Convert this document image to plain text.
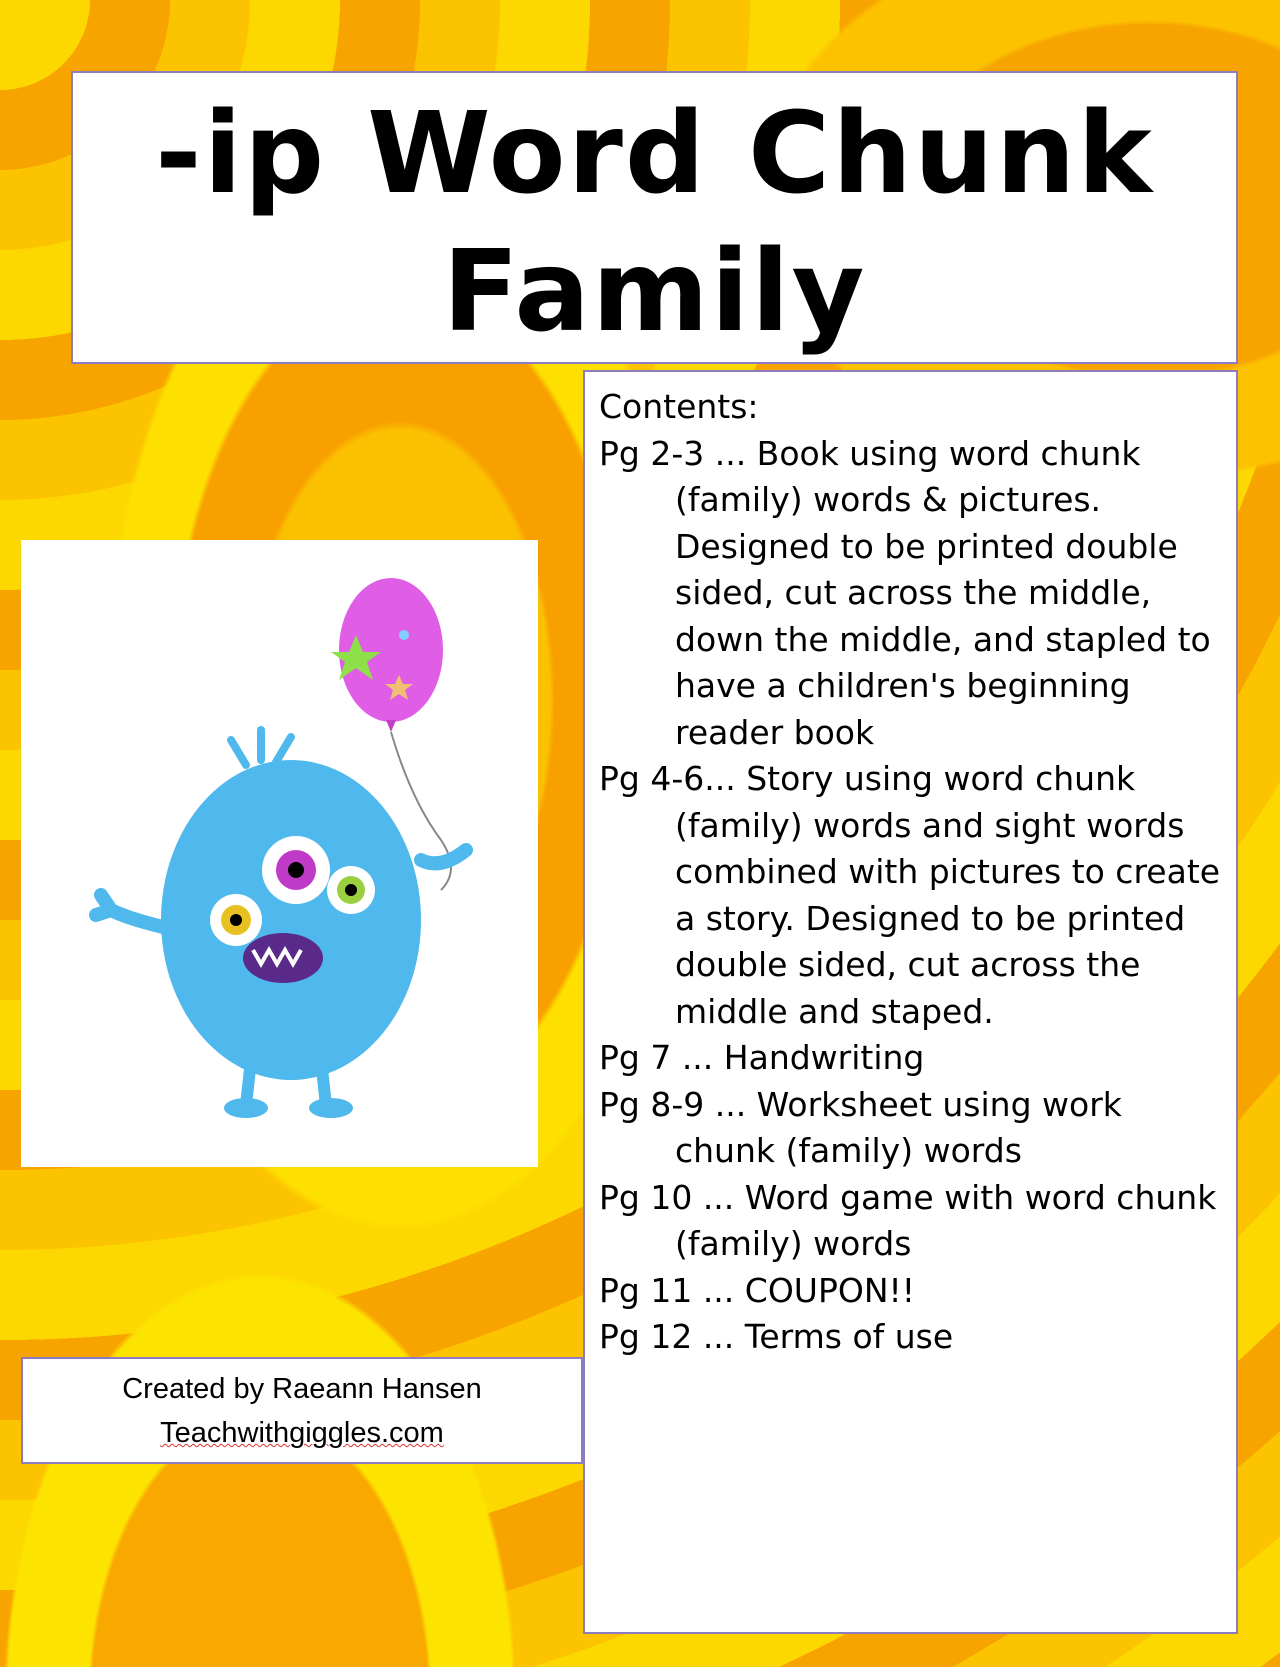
-ip Word Chunk
Family
Contents:
Pg 2-3 ... Book using word chunk (family) words & pictures. Designed to be printed double sided, cut across the middle, down the middle, and stapled to have a children's beginning reader book
Pg 4-6... Story using word chunk (family) words and sight words combined with pictures to create a story. Designed to be printed double sided, cut across the middle and staped.
Pg 7 ... Handwriting
Pg 8-9 ... Worksheet using work chunk (family) words
Pg 10 ... Word game with word chunk (family) words
Pg 11 ... COUPON!!
Pg 12 ... Terms of use
Created by Raeann Hansen
Teachwithgiggles.com
